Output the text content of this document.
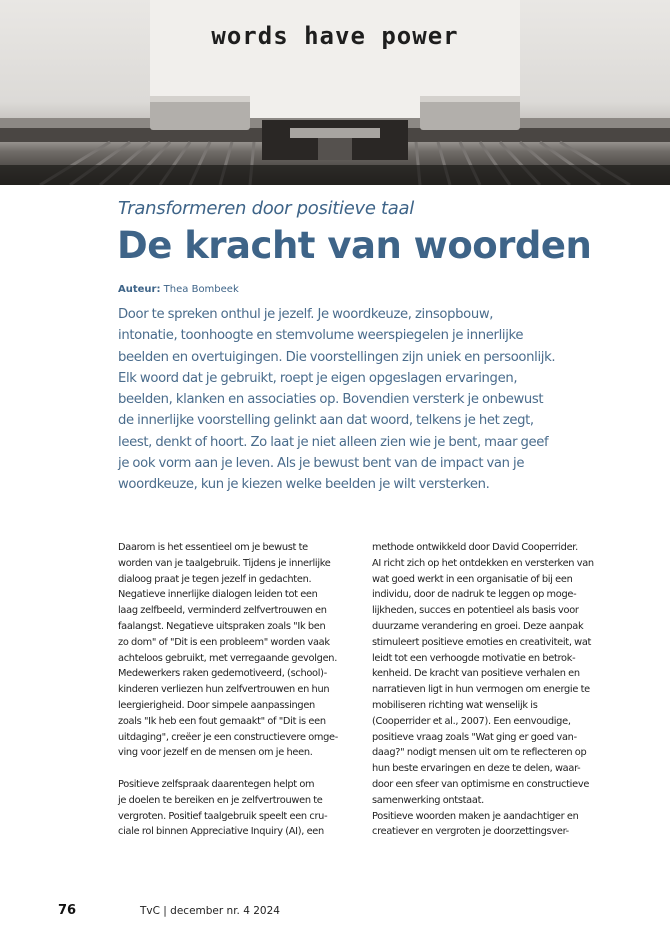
words have power
Transformeren door positieve taal
De kracht van woorden
Auteur: Thea Bombeek
Door te spreken onthul je jezelf. Je woordkeuze, zinsopbouw,
intonatie, toonhoogte en stemvolume weerspiegelen je innerlijke
beelden en overtuigingen. Die voorstellingen zijn uniek en persoonlijk.
Elk woord dat je gebruikt, roept je eigen opgeslagen ervaringen,
beelden, klanken en associaties op. Bovendien versterk je onbewust
de innerlijke voorstelling gelinkt aan dat woord, telkens je het zegt,
leest, denkt of hoort. Zo laat je niet alleen zien wie je bent, maar geef
je ook vorm aan je leven. Als je bewust bent van de impact van je
woordkeuze, kun je kiezen welke beelden je wilt versterken.
Daarom is het essentieel om je bewust te
worden van je taalgebruik. Tijdens je innerlijke
dialoog praat je tegen jezelf in gedachten.
Negatieve innerlijke dialogen leiden tot een
laag zelfbeeld, verminderd zelfvertrouwen en
faalangst. Negatieve uitspraken zoals "Ik ben
zo dom" of "Dit is een probleem" worden vaak
achteloos gebruikt, met verregaande gevolgen.
Medewerkers raken gedemotiveerd, (school)-
kinderen verliezen hun zelfvertrouwen en hun
leergierigheid. Door simpele aanpassingen
zoals "Ik heb een fout gemaakt" of "Dit is een
uitdaging", creëer je een constructievere omge-
ving voor jezelf en de mensen om je heen.
Positieve zelfspraak daarentegen helpt om
je doelen te bereiken en je zelfvertrouwen te
vergroten. Positief taalgebruik speelt een cru-
ciale rol binnen Appreciative Inquiry (AI), een
methode ontwikkeld door David Cooperrider.
AI richt zich op het ontdekken en versterken van
wat goed werkt in een organisatie of bij een
individu, door de nadruk te leggen op moge-
lijkheden, succes en potentieel als basis voor
duurzame verandering en groei. Deze aanpak
stimuleert positieve emoties en creativiteit, wat
leidt tot een verhoogde motivatie en betrok-
kenheid. De kracht van positieve verhalen en
narratieven ligt in hun vermogen om energie te
mobiliseren richting wat wenselijk is
(Cooperrider et al., 2007). Een eenvoudige,
positieve vraag zoals "Wat ging er goed van-
daag?" nodigt mensen uit om te reflecteren op
hun beste ervaringen en deze te delen, waar-
door een sfeer van optimisme en constructieve
samenwerking ontstaat.
Positieve woorden maken je aandachtiger en
creatiever en vergroten je doorzettingsver-
76	TvC | december nr. 4 2024
